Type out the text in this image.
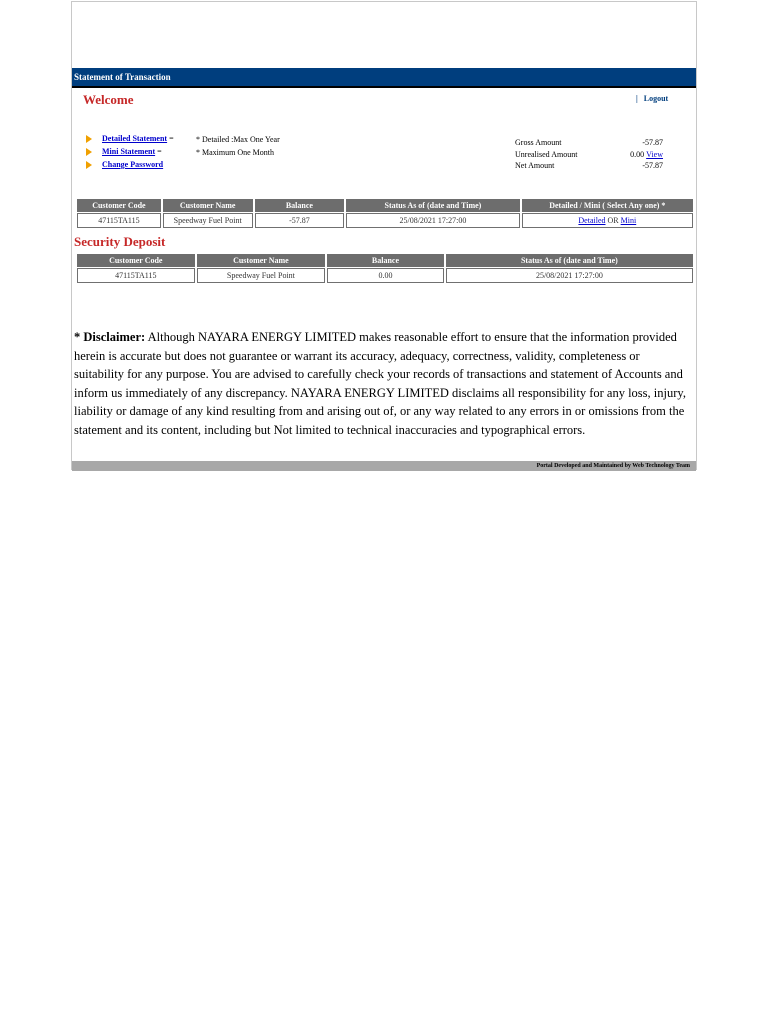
Statement of Transaction
Welcome	| Logout
Detailed Statement =
Mini Statement =
Change Password
* Detailed :Max One Year
* Maximum One Month
Gross Amount	-57.87
Unrealised Amount	0.00 View
Net Amount	-57.87
Customer Code	Customer Name	Balance	Status As of (date and Time)	Detailed / Mini ( Select Any one) *
47115TA115	Speedway Fuel Point	-57.87	25/08/2021 17:27:00	Detailed OR Mini
Security Deposit
Customer Code	Customer Name	Balance	Status As of (date and Time)
47115TA115	Speedway Fuel Point	0.00	25/08/2021 17:27:00
* Disclaimer: Although NAYARA ENERGY LIMITED makes reasonable effort to ensure that the information provided herein is accurate but does not guarantee or warrant its accuracy, adequacy, correctness, validity, completeness or suitability for any purpose. You are advised to carefully check your records of transactions and statement of Accounts and inform us immediately of any discrepancy. NAYARA ENERGY LIMITED disclaims all responsibility for any loss, injury, liability or damage of any kind resulting from and arising out of, or any way related to any errors in or omissions from the statement and its content, including but Not limited to technical inaccuracies and typographical errors.
Portal Developed and Maintained by Web Technology Team
